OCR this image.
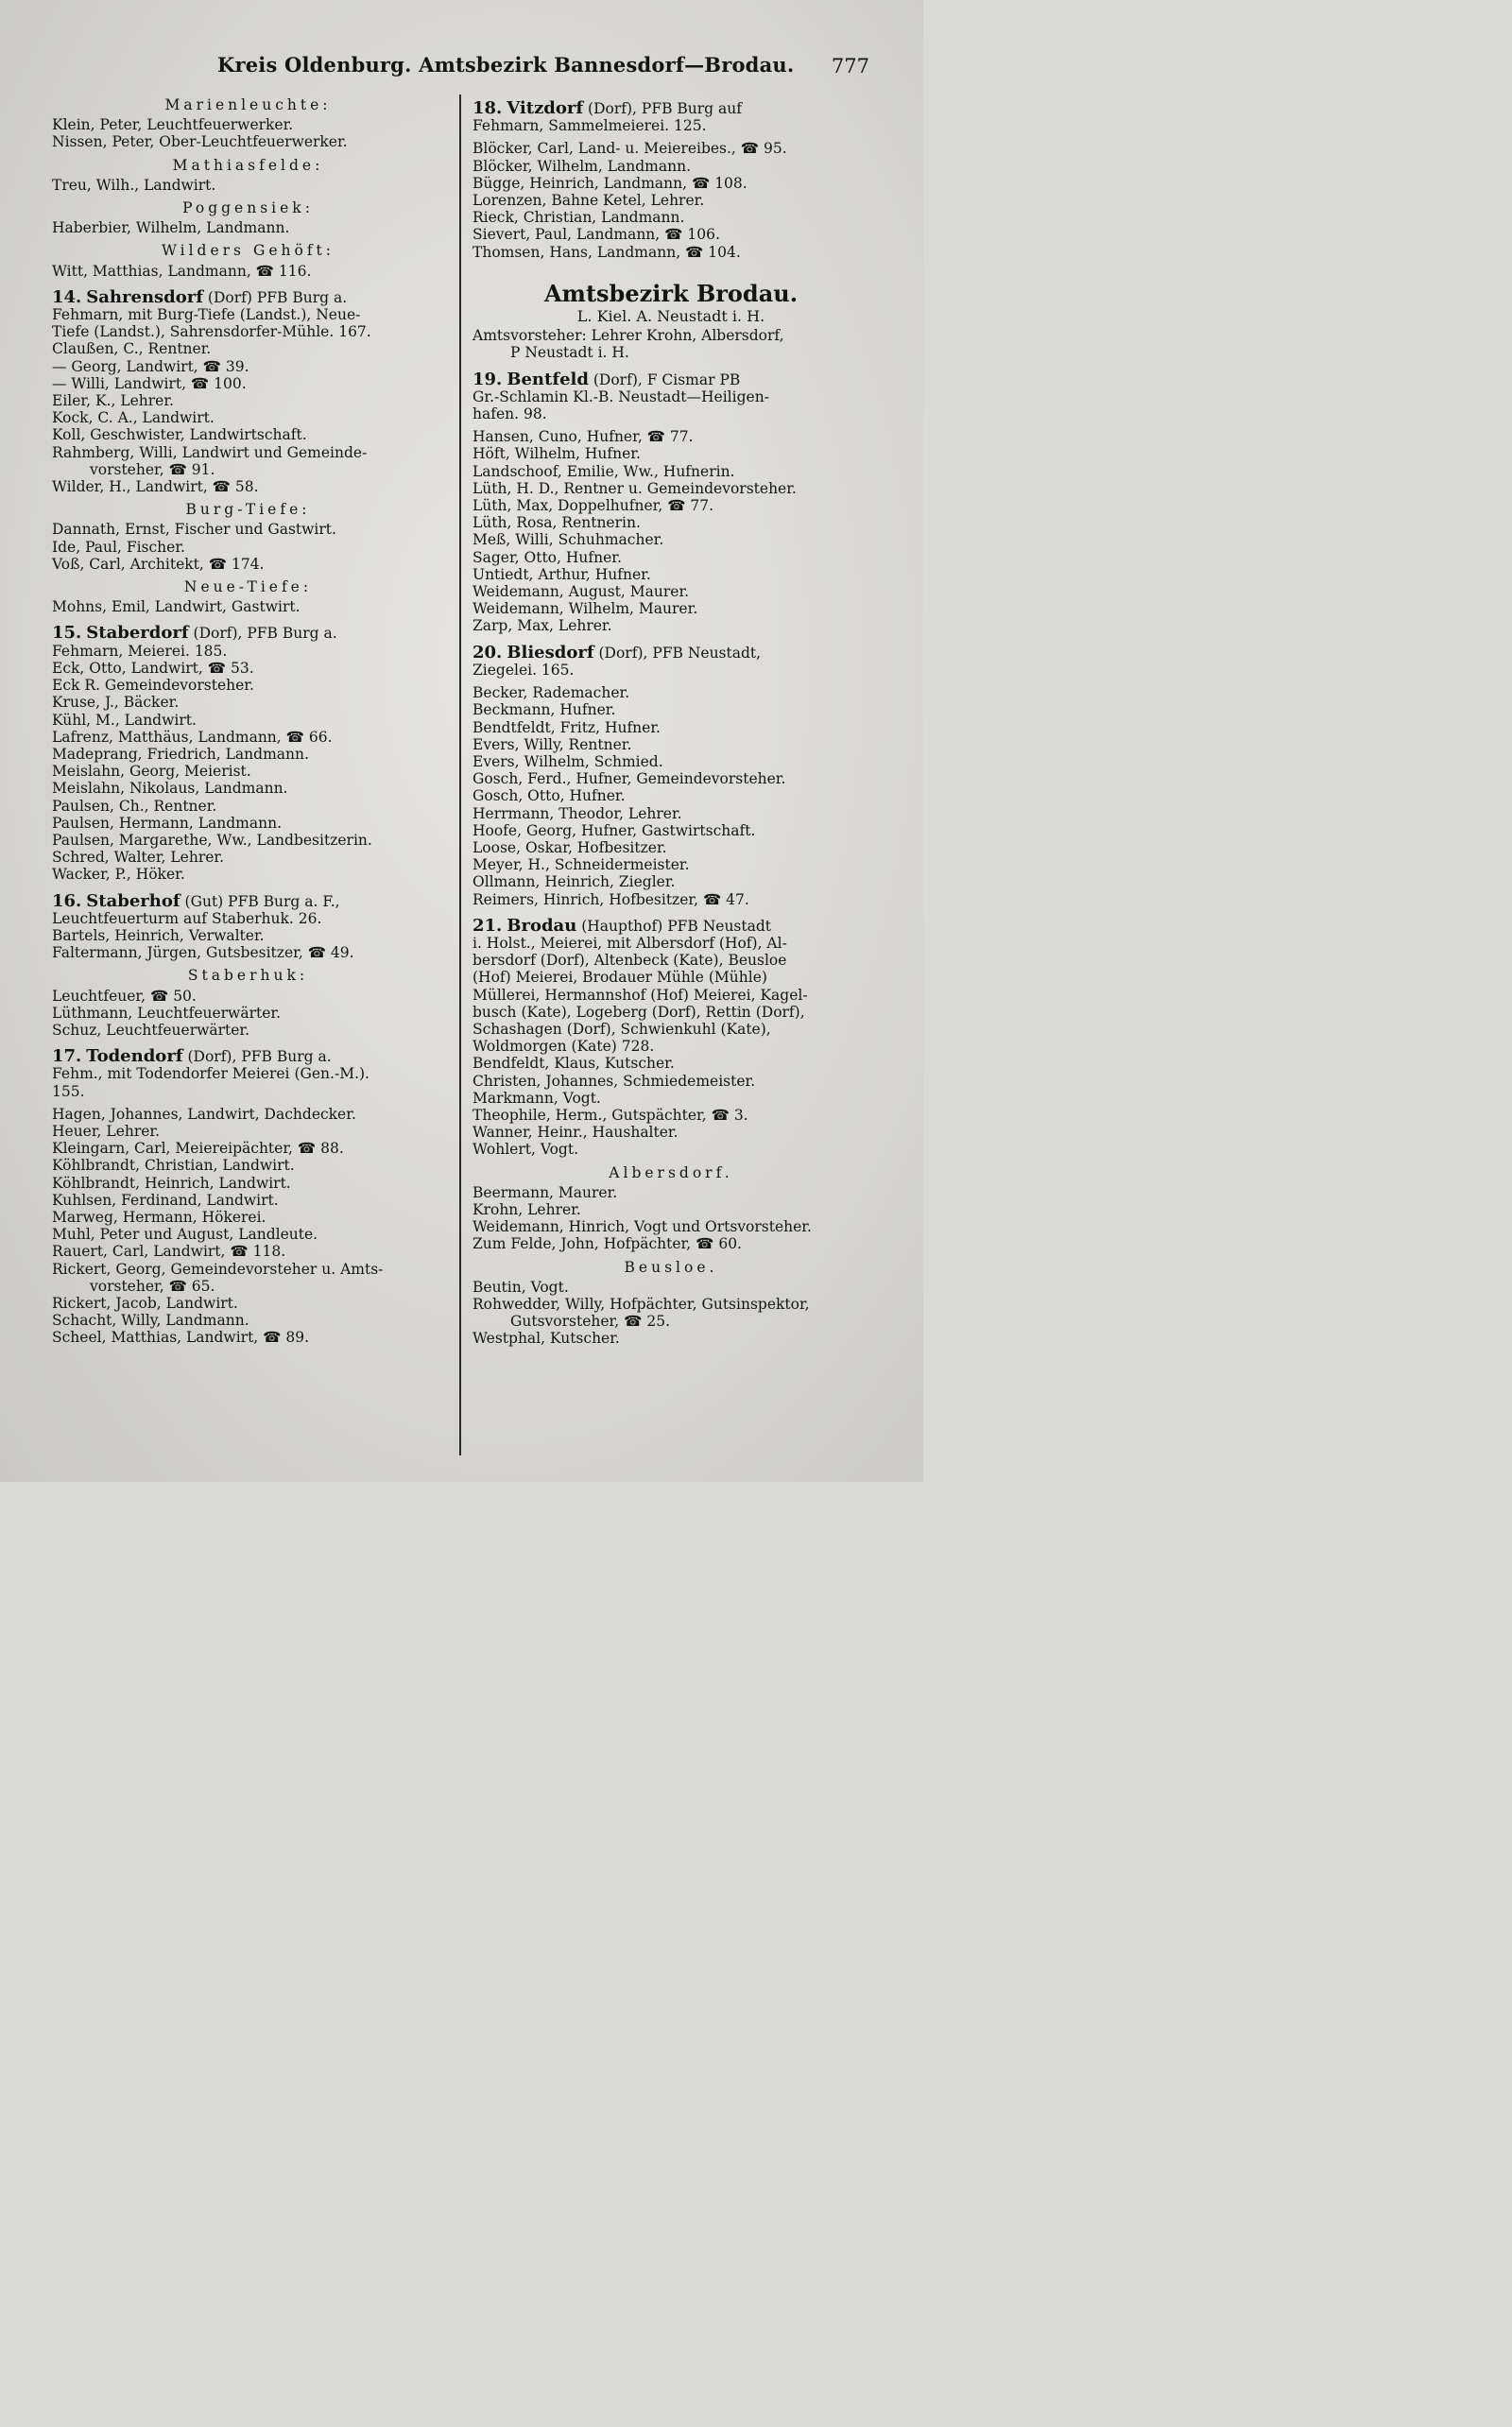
Kreis Oldenburg. Amtsbezirk Bannesdorf—Brodau. 777
Marienleuchte:
Klein, Peter, Leuchtfeuerwerker.
Nissen, Peter, Ober-Leuchtfeuerwerker.
Mathiasfelde:
Treu, Wilh., Landwirt.
Poggensiek:
Haberbier, Wilhelm, Landmann.
Wilders Gehöft:
Witt, Matthias, Landmann, ☎ 116.
14. Sahrensdorf (Dorf) PFB Burg a.
Fehmarn, mit Burg-Tiefe (Landst.), Neue-
Tiefe (Landst.), Sahrensdorfer-Mühle. 167.
Claußen, C., Rentner.
— Georg, Landwirt, ☎ 39.
— Willi, Landwirt, ☎ 100.
Eiler, K., Lehrer.
Kock, C. A., Landwirt.
Koll, Geschwister, Landwirtschaft.
Rahmberg, Willi, Landwirt und Gemeinde-
vorsteher, ☎ 91.
Wilder, H., Landwirt, ☎ 58.
Burg-Tiefe:
Dannath, Ernst, Fischer und Gastwirt.
Ide, Paul, Fischer.
Voß, Carl, Architekt, ☎ 174.
Neue-Tiefe:
Mohns, Emil, Landwirt, Gastwirt.
15. Staberdorf (Dorf), PFB Burg a.
Fehmarn, Meierei. 185.
Eck, Otto, Landwirt, ☎ 53.
Eck R. Gemeindevorsteher.
Kruse, J., Bäcker.
Kühl, M., Landwirt.
Lafrenz, Matthäus, Landmann, ☎ 66.
Madeprang, Friedrich, Landmann.
Meislahn, Georg, Meierist.
Meislahn, Nikolaus, Landmann.
Paulsen, Ch., Rentner.
Paulsen, Hermann, Landmann.
Paulsen, Margarethe, Ww., Landbesitzerin.
Schred, Walter, Lehrer.
Wacker, P., Höker.
16. Staberhof (Gut) PFB Burg a. F.,
Leuchtfeuerturm auf Staberhuk. 26.
Bartels, Heinrich, Verwalter.
Faltermann, Jürgen, Gutsbesitzer, ☎ 49.
Staberhuk:
Leuchtfeuer, ☎ 50.
Lüthmann, Leuchtfeuerwärter.
Schuz, Leuchtfeuerwärter.
17. Todendorf (Dorf), PFB Burg a.
Fehm., mit Todendorfer Meierei (Gen.-M.).
155.
Hagen, Johannes, Landwirt, Dachdecker.
Heuer, Lehrer.
Kleingarn, Carl, Meiereipächter, ☎ 88.
Köhlbrandt, Christian, Landwirt.
Köhlbrandt, Heinrich, Landwirt.
Kuhlsen, Ferdinand, Landwirt.
Marweg, Hermann, Hökerei.
Muhl, Peter und August, Landleute.
Rauert, Carl, Landwirt, ☎ 118.
Rickert, Georg, Gemeindevorsteher u. Amts-
vorsteher, ☎ 65.
Rickert, Jacob, Landwirt.
Schacht, Willy, Landmann.
Scheel, Matthias, Landwirt, ☎ 89.
18. Vitzdorf (Dorf), PFB Burg auf
Fehmarn, Sammelmeierei. 125.
Blöcker, Carl, Land- u. Meiereibes., ☎ 95.
Blöcker, Wilhelm, Landmann.
Bügge, Heinrich, Landmann, ☎ 108.
Lorenzen, Bahne Ketel, Lehrer.
Rieck, Christian, Landmann.
Sievert, Paul, Landmann, ☎ 106.
Thomsen, Hans, Landmann, ☎ 104.
Amtsbezirk Brodau.
L. Kiel. A. Neustadt i. H.
Amtsvorsteher: Lehrer Krohn, Albersdorf,
P Neustadt i. H.
19. Bentfeld (Dorf), F Cismar PB
Gr.-Schlamin Kl.-B. Neustadt—Heiligen-
hafen. 98.
Hansen, Cuno, Hufner, ☎ 77.
Höft, Wilhelm, Hufner.
Landschoof, Emilie, Ww., Hufnerin.
Lüth, H. D., Rentner u. Gemeindevorsteher.
Lüth, Max, Doppelhufner, ☎ 77.
Lüth, Rosa, Rentnerin.
Meß, Willi, Schuhmacher.
Sager, Otto, Hufner.
Untiedt, Arthur, Hufner.
Weidemann, August, Maurer.
Weidemann, Wilhelm, Maurer.
Zarp, Max, Lehrer.
20. Bliesdorf (Dorf), PFB Neustadt,
Ziegelei. 165.
Becker, Rademacher.
Beckmann, Hufner.
Bendtfeldt, Fritz, Hufner.
Evers, Willy, Rentner.
Evers, Wilhelm, Schmied.
Gosch, Ferd., Hufner, Gemeindevorsteher.
Gosch, Otto, Hufner.
Herrmann, Theodor, Lehrer.
Hoofe, Georg, Hufner, Gastwirtschaft.
Loose, Oskar, Hofbesitzer.
Meyer, H., Schneidermeister.
Ollmann, Heinrich, Ziegler.
Reimers, Hinrich, Hofbesitzer, ☎ 47.
21. Brodau (Haupthof) PFB Neustadt
i. Holst., Meierei, mit Albersdorf (Hof), Al-
bersdorf (Dorf), Altenbeck (Kate), Beusloe
(Hof) Meierei, Brodauer Mühle (Mühle)
Müllerei, Hermannshof (Hof) Meierei, Kagel-
busch (Kate), Logeberg (Dorf), Rettin (Dorf),
Schashagen (Dorf), Schwienkuhl (Kate),
Woldmorgen (Kate) 728.
Bendfeldt, Klaus, Kutscher.
Christen, Johannes, Schmiedemeister.
Markmann, Vogt.
Theophile, Herm., Gutspächter, ☎ 3.
Wanner, Heinr., Haushalter.
Wohlert, Vogt.
Albersdorf.
Beermann, Maurer.
Krohn, Lehrer.
Weidemann, Hinrich, Vogt und Ortsvorsteher.
Zum Felde, John, Hofpächter, ☎ 60.
Beusloe.
Beutin, Vogt.
Rohwedder, Willy, Hofpächter, Gutsinspektor,
Gutsvorsteher, ☎ 25.
Westphal, Kutscher.
